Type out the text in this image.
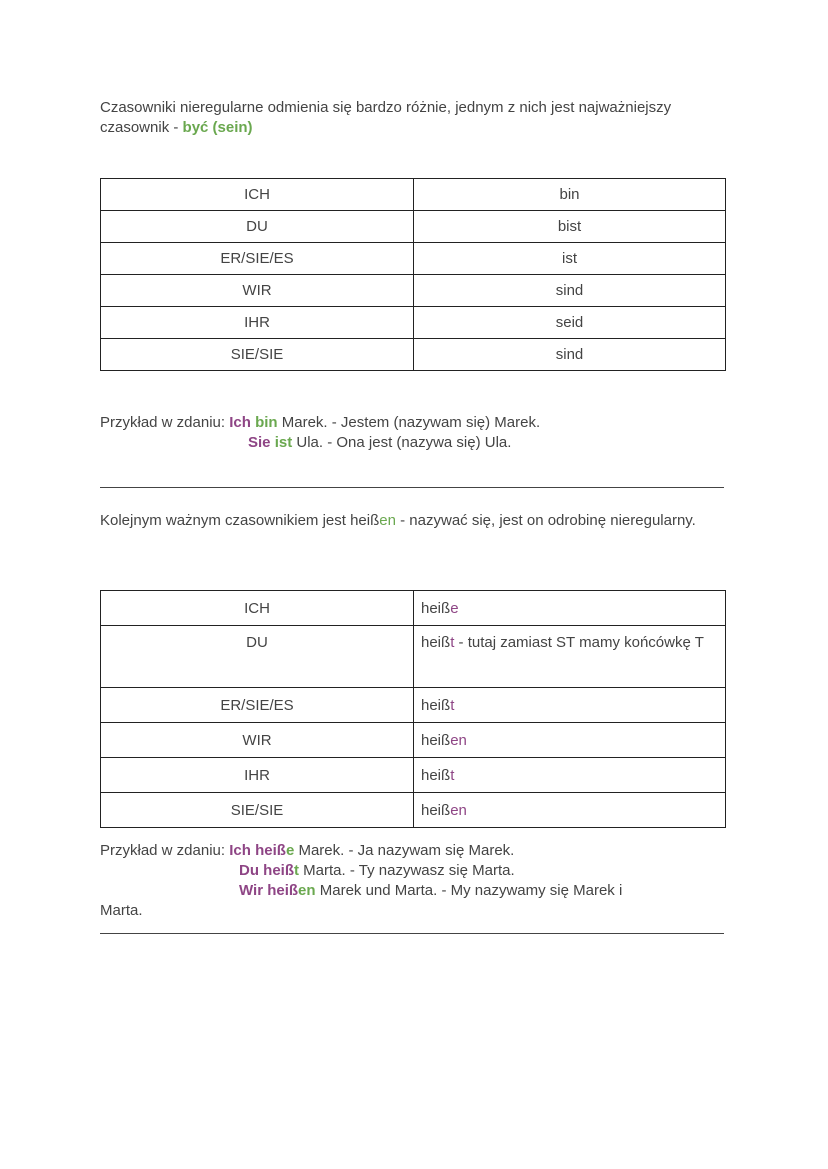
Czasowniki nieregularne odmienia się bardzo różnie, jednym z nich jest najważniejszy czasownik - być (sein)
ICH	bin
DU	bist
ER/SIE/ES	ist
WIR	sind
IHR	seid
SIE/SIE	sind
Przykład w zdaniu: Ich bin Marek. - Jestem (nazywam się) Marek.
Sie ist Ula. - Ona jest (nazywa się) Ula.
Kolejnym ważnym czasownikiem jest heißen - nazywać się, jest on odrobinę nieregularny.
ICH	heiße
DU	heißt - tutaj zamiast ST mamy końcówkę T
ER/SIE/ES	heißt
WIR	heißen
IHR	heißt
SIE/SIE	heißen
Przykład w zdaniu: Ich heiße Marek. - Ja nazywam się Marek.
Du heißt Marta. - Ty nazywasz się Marta.
Wir heißen Marek und Marta. - My nazywamy się Marek i
Marta.
